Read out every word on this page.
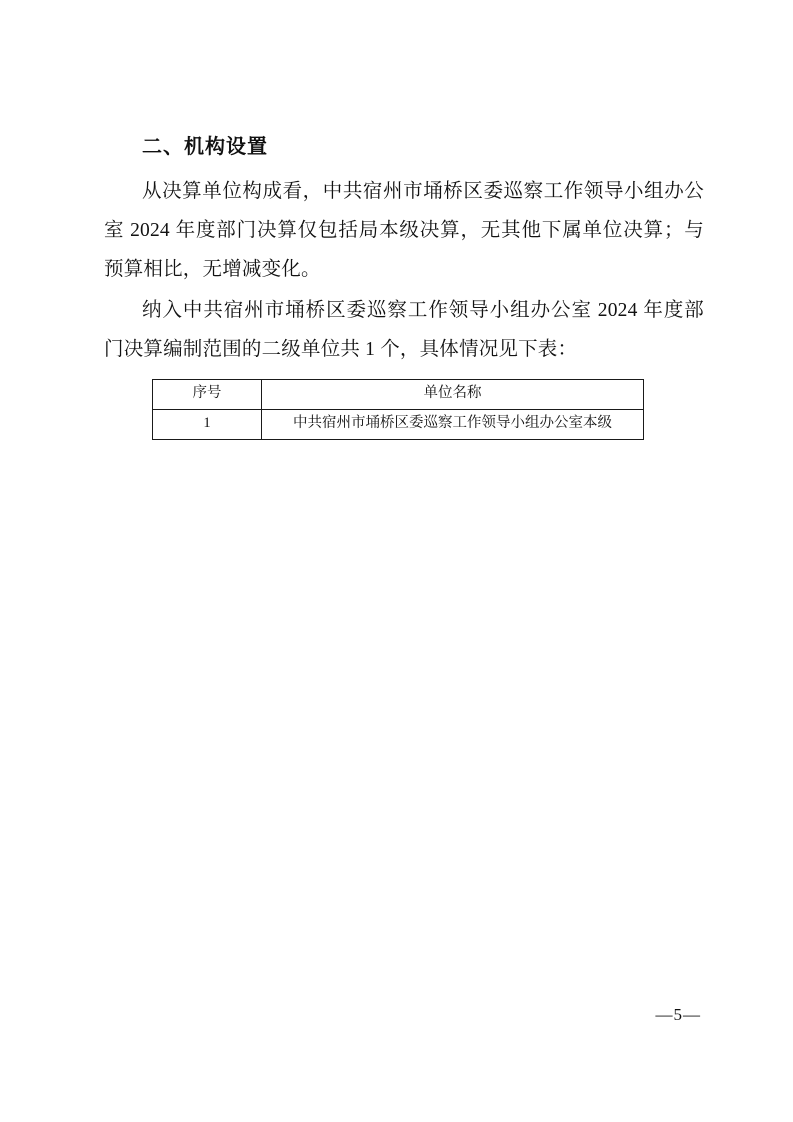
二、机构设置

从决算单位构成看，中共宿州市埇桥区委巡察工作领导小组办公室 2024 年度部门决算仅包括局本级决算，无其他下属单位决算；与预算相比，无增减变化。

纳入中共宿州市埇桥区委巡察工作领导小组办公室 2024 年度部门决算编制范围的二级单位共 1 个，具体情况见下表：

序号	单位名称
1	中共宿州市埇桥区委巡察工作领导小组办公室本级
—5—
